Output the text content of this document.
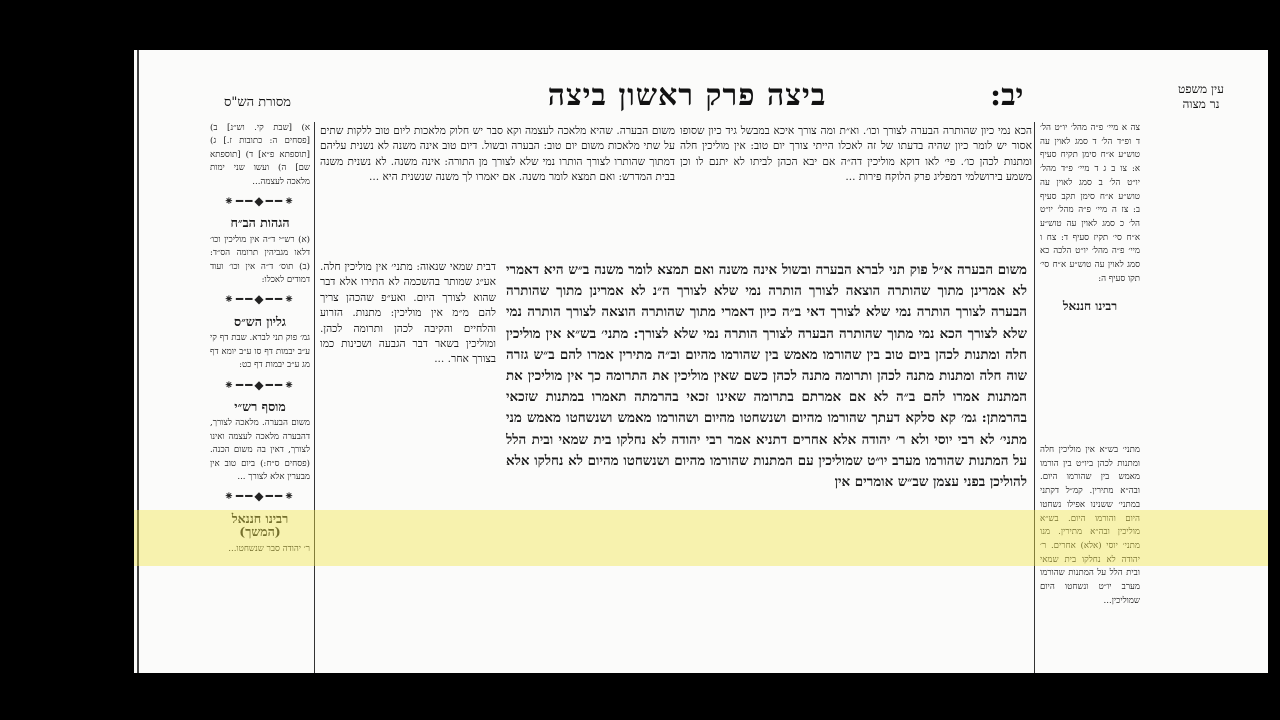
עין משפט
נר מצוה
יב:
ביצה פרק ראשון ביצה
מסורת הש"ס

צה א מיי׳ פ״ה מהל׳ יו״ט הל׳ ד ופ״ד הל׳ ד סמג לאוין עה טוש״ע א״ח סימן תקיח סעיף א: צו ב ג ד מיי׳ פ״ד מהל׳ יו״ט הל׳ ב סמג לאוין עה טוש״ע א״ח סימן תקב סעיף ב: צז ה מיי׳ פ״ה מהל׳ יו״ט הל׳ כ סמג לאוין עה טוש״ע א״ח סי׳ תקיז סעיף ד: צח ו מיי׳ פ״ה מהל׳ יו״ט הלכה כא סמג לאוין עה טוש״ע א״ח סי׳ תקו סעיף ה:

רבינו חננאל

מתני׳ בש״א אין מוליכין חלה ומתנות לכהן ביו״ט בין הורמו מאמש בין שהורמו היום. ובה״א מתירין. קמ״ל דקתני במתני׳ ששנינו אפילו נשחטו היום והורמו היום. בש״א מוליכין ובה״א מתירין. מנו מתני׳ יוסי (אלא) אחרים. ר׳ יהודה לא נחלקו בית שמאי ובית הלל על המתנות שהורמו מערב יו״ט ונשחטו היום שמוליכין...

הכא נמי כיון שהותרה הבערה לצורך וכו׳. וא״ת ומה צורך איכא במבשל גיד כיון שסופו אסור יש לומר כיון שהיה בדעתו של זה לאכלו הייתי צורך יום טוב: אין מוליכין חלה ומתנות לכהן כו׳. פי׳ לאו דוקא מוליכין דה״ה אם יבא הכהן לביתו לא יתנם לו וכן משמע בירושלמי דמפליג פרק הלוקח פירות ...

משום הבערה א״ל פוק תני לברא הבערה ובשול אינה משנה ואם תמצא לומר משנה ב״ש היא דאמרי לא אמרינן מתוך שהותרה הוצאה לצורך הותרה נמי שלא לצורך ה״נ לא אמרינן מתוך שהותרה הבערה לצורך הותרה נמי שלא לצורך דאי ב״ה כיון דאמרי מתוך שהותרה הוצאה לצורך הותרה נמי שלא לצורך הכא נמי מתוך שהותרה הבערה לצורך הותרה נמי שלא לצורך: מתני׳ בש״א אין מוליכין חלה ומתנות לכהן ביום טוב בין שהורמו מאמש בין שהורמו מהיום וב״ה מתירין אמרו להם ב״ש גזרה שוה חלה ומתנות מתנה לכהן ותרומה מתנה לכהן כשם שאין מוליכין את התרומה כך אין מוליכין את המתנות אמרו להם ב״ה לא אם אמרתם בתרומה שאינו זכאי בהרמתה תאמרו במתנות שזכאי בהרמתן: גמ׳ קא סלקא דעתך שהורמו מהיום ושנשחטו מהיום ושהורמו מאמש ושנשחטו מאמש מני מתני׳ לא רבי יוסי ולא ר׳ יהודה אלא אחרים דתניא אמר רבי יהודה לא נחלקו בית שמאי ובית הלל על המתנות שהורמו מערב יו״ט שמוליכין עם המתנות שהורמו מהיום ושנשחטו מהיום לא נחלקו אלא להוליכן בפני עצמן שב״ש אומרים אין

משום הבערה. שהיא מלאכה לעצמה וקא סבר יש חלוק מלאכות ליום טוב ללקות שתים על שתי מלאכות משום יום טוב: הבערה ובשול. דיום טוב אינה משנה לא נשנית עליהם דמתוך שהותרו לצורך הותרו נמי שלא לצורך מן התורה: אינה משנה. לא נשנית משנה בבית המדרש: ואם תמצא לומר משנה. אם יאמרו לך משנה שנשנית היא ...

דבית שמאי שנאוה: מתני׳ אין מוליכין חלה. אע״ג שמותר בהשכמה לא התירו אלא דבר שהוא לצורך היום. ואע״פ שהכהן צריך להם מ״מ אין מוליכין: מתנות. הזרוע והלחיים והקיבה לכהן ותרומה לכהן. ומוליכין בשאר דבר הגבעה ושכינות כמו בצורך אחר. ...

א) [שבת קי. וש״נ] ב) [פסחים ה: כתובות ז.] ג) [תוספתא פ״א] ד) [תוספתא שם] ה) ועשו שני ימות מלאכה לעצמה...

⁕━━◆━━⁕
הגהות הב״ח

(א) רש״י ד״ה אין מוליכין וכו׳ דלאו מגביהין תרומה הס״ד: (ב) תוס׳ ד״ה אין וכו׳ ועוד דמודים לאכלו:

⁕━━◆━━⁕
גליון הש״ס

גמ׳ פוק תני לברא. שבת דף קי ע״ב יבמות דף סו ע״ב יומא דף מג ע״ב יבמות דף כט:

⁕━━◆━━⁕
מוסף רש״י

משום הבערה. מלאכה לצורך, דהבערה מלאכה לעצמה ואינו לצורך, דאין בה משום הכנה. (פסחים ס״ח:) ביום טוב אין מבערין אלא לצורך ...

⁕━━◆━━⁕
רבינו חננאל (המשך)

ר׳ יהודה סבר שנשחטו...
